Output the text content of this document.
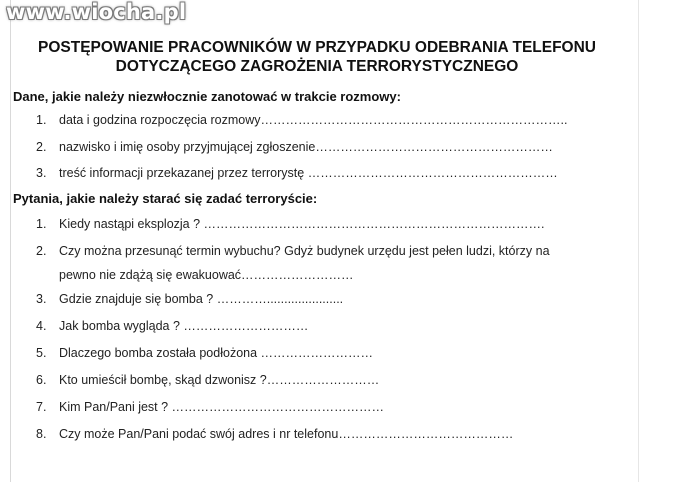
www.wiocha.pl
POSTĘPOWANIE PRACOWNIKÓW W PRZYPADKU ODEBRANIA TELEFONU
DOTYCZĄCEGO ZAGROŻENIA TERRORYSTYCZNEGO
Dane, jakie należy niezwłocznie zanotować w trakcie rozmowy:
1. data i godzina rozpoczęcia rozmowy………………………………………………………………..
2. nazwisko i imię osoby przyjmującej zgłoszenie…………………………………………………
3. treść informacji przekazanej przez terrorystę ……………………………………………………
Pytania, jakie należy starać się zadać terroryście:
1. Kiedy nastąpi eksplozja ? ……………………………………………………………………….
2. Czy można przesunąć termin wybuchu? Gdyż budynek urzędu jest pełen ludzi, którzy na
pewno nie zdążą się ewakuować………………………
3. Gdzie znajduje się bomba ? …………......................
4. Jak bomba wygląda ? …………………………
5. Dlaczego bomba została podłożona ………………………
6. Kto umieścił bombę, skąd dzwonisz ?………………………
7. Kim Pan/Pani jest ? ……………………………………………
8. Czy może Pan/Pani podać swój adres i nr telefonu……………………………………
